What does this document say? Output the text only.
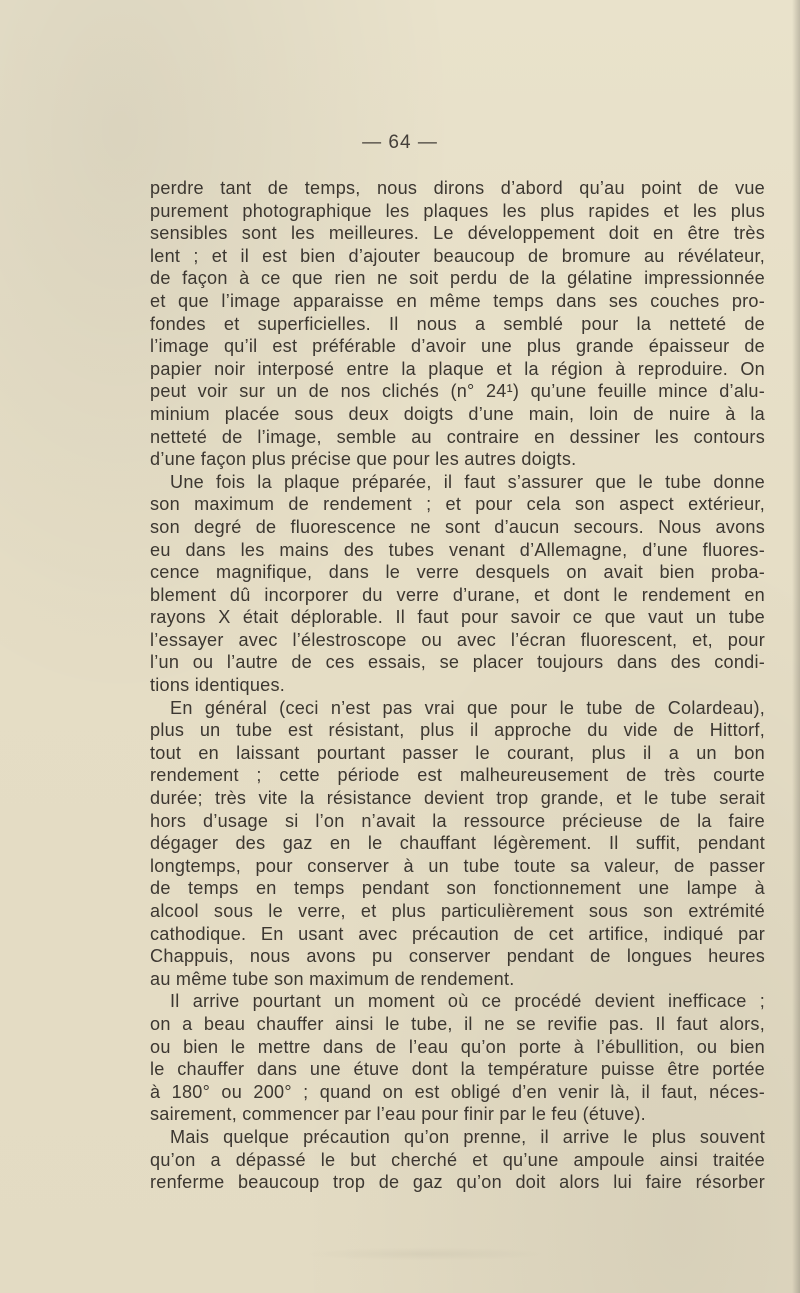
— 64 —
perdre tant de temps, nous dirons d’abord qu’au point de vue
purement photographique les plaques les plus rapides et les plus
sensibles sont les meilleures. Le développement doit en être très
lent ; et il est bien d’ajouter beaucoup de bromure au révélateur,
de façon à ce que rien ne soit perdu de la gélatine impressionnée
et que l’image apparaisse en même temps dans ses couches pro-
fondes et superficielles. Il nous a semblé pour la netteté de
l’image qu’il est préférable d’avoir une plus grande épaisseur de
papier noir interposé entre la plaque et la région à reproduire. On
peut voir sur un de nos clichés (n° 24¹) qu’une feuille mince d’alu-
minium placée sous deux doigts d’une main, loin de nuire à la
netteté de l’image, semble au contraire en dessiner les contours
d’une façon plus précise que pour les autres doigts.
Une fois la plaque préparée, il faut s’assurer que le tube donne
son maximum de rendement ; et pour cela son aspect extérieur,
son degré de fluorescence ne sont d’aucun secours. Nous avons
eu dans les mains des tubes venant d’Allemagne, d’une fluores-
cence magnifique, dans le verre desquels on avait bien proba-
blement dû incorporer du verre d’urane, et dont le rendement en
rayons X était déplorable. Il faut pour savoir ce que vaut un tube
l’essayer avec l’élestroscope ou avec l’écran fluorescent, et, pour
l’un ou l’autre de ces essais, se placer toujours dans des condi-
tions identiques.
En général (ceci n’est pas vrai que pour le tube de Colardeau),
plus un tube est résistant, plus il approche du vide de Hittorf,
tout en laissant pourtant passer le courant, plus il a un bon
rendement ; cette période est malheureusement de très courte
durée; très vite la résistance devient trop grande, et le tube serait
hors d’usage si l’on n’avait la ressource précieuse de la faire
dégager des gaz en le chauffant légèrement. Il suffit, pendant
longtemps, pour conserver à un tube toute sa valeur, de passer
de temps en temps pendant son fonctionnement une lampe à
alcool sous le verre, et plus particulièrement sous son extrémité
cathodique. En usant avec précaution de cet artifice, indiqué par
Chappuis, nous avons pu conserver pendant de longues heures
au même tube son maximum de rendement.
Il arrive pourtant un moment où ce procédé devient inefficace ;
on a beau chauffer ainsi le tube, il ne se revifie pas. Il faut alors,
ou bien le mettre dans de l’eau qu’on porte à l’ébullition, ou bien
le chauffer dans une étuve dont la température puisse être portée
à 180° ou 200° ; quand on est obligé d’en venir là, il faut, néces-
sairement, commencer par l’eau pour finir par le feu (étuve).
Mais quelque précaution qu’on prenne, il arrive le plus souvent
qu’on a dépassé le but cherché et qu’une ampoule ainsi traitée
renferme beaucoup trop de gaz qu’on doit alors lui faire résorber
